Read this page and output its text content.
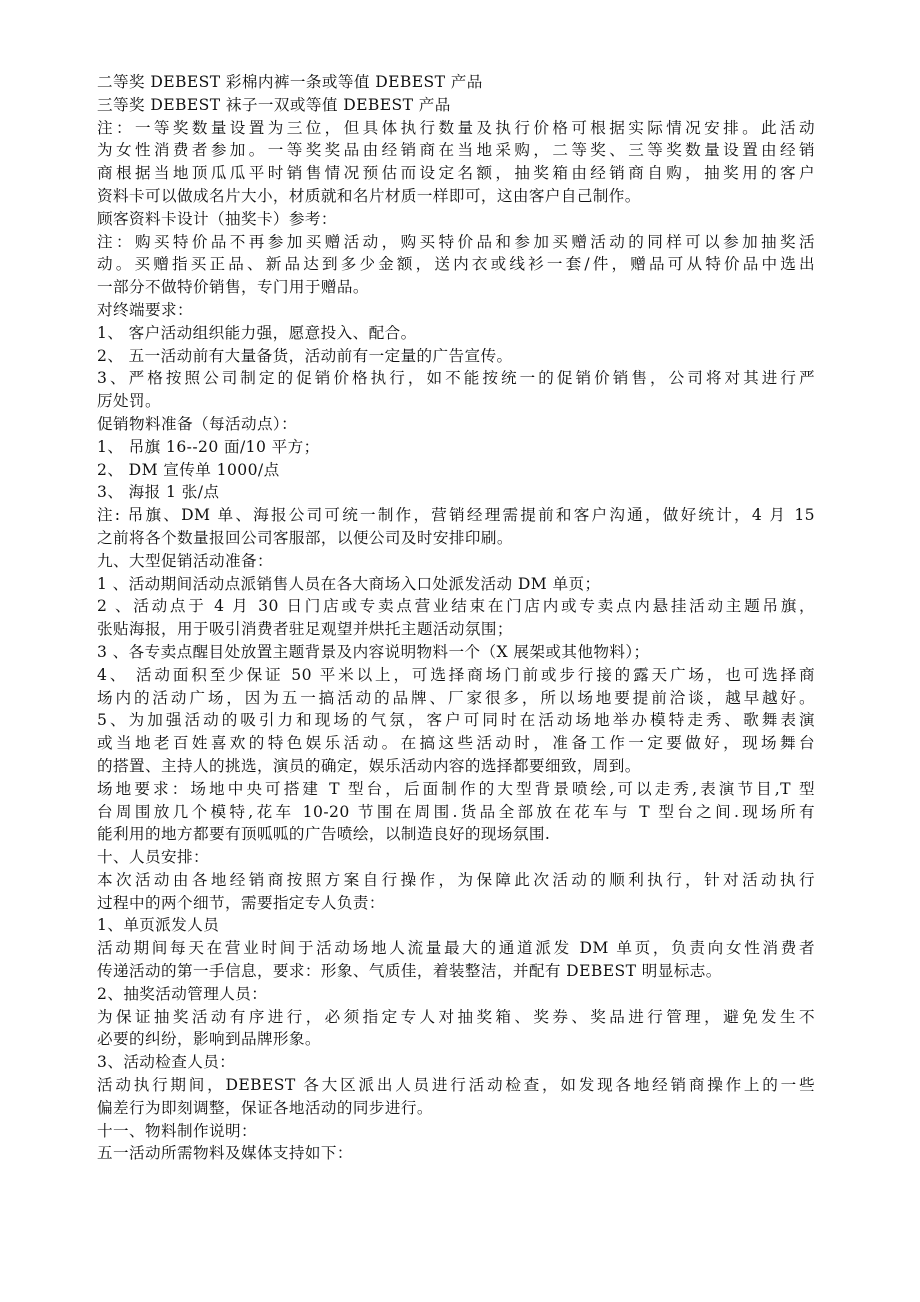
二等奖 DEBEST 彩棉内裤一条或等值 DEBEST 产品
三等奖 DEBEST 袜子一双或等值 DEBEST 产品
注：一等奖数量设置为三位，但具体执行数量及执行价格可根据实际情况安排。此活动
为女性消费者参加。一等奖奖品由经销商在当地采购，二等奖、三等奖数量设置由经销
商根据当地顶瓜瓜平时销售情况预估而设定名额，抽奖箱由经销商自购，抽奖用的客户
资料卡可以做成名片大小，材质就和名片材质一样即可，这由客户自己制作。
顾客资料卡设计（抽奖卡）参考：
注：购买特价品不再参加买赠活动，购买特价品和参加买赠活动的同样可以参加抽奖活
动。买赠指买正品、新品达到多少金额，送内衣或线衫一套/件，赠品可从特价品中选出
一部分不做特价销售，专门用于赠品。
对终端要求：
1、 客户活动组织能力强，愿意投入、配合。
2、 五一活动前有大量备货，活动前有一定量的广告宣传。
3、严格按照公司制定的促销价格执行，如不能按统一的促销价销售，公司将对其进行严
厉处罚。
促销物料准备（每活动点）：
1、 吊旗 16--20 面/10 平方；
2、 DM 宣传单 1000/点
3、 海报 1 张/点
注: 吊旗、DM 单、海报公司可统一制作，营销经理需提前和客户沟通，做好统计，4 月 15
之前将各个数量报回公司客服部，以便公司及时安排印刷。
九、大型促销活动准备：
1 、活动期间活动点派销售人员在各大商场入口处派发活动 DM 单页；
2 、活动点于 4 月 30 日门店或专卖点营业结束在门店内或专卖点内悬挂活动主题吊旗，
张贴海报，用于吸引消费者驻足观望并烘托主题活动氛围；
3 、各专卖点醒目处放置主题背景及内容说明物料一个（X 展架或其他物料）；
4、 活动面积至少保证 50 平米以上，可选择商场门前或步行接的露天广场，也可选择商
场内的活动广场，因为五一搞活动的品牌、厂家很多，所以场地要提前洽谈，越早越好。
5、为加强活动的吸引力和现场的气氛，客户可同时在活动场地举办模特走秀、歌舞表演
或当地老百姓喜欢的特色娱乐活动。在搞这些活动时，准备工作一定要做好，现场舞台
的搭置、主持人的挑选，演员的确定，娱乐活动内容的选择都要细致，周到。
场地要求：场地中央可搭建 T 型台，后面制作的大型背景喷绘,可以走秀,表演节目,T 型
台周围放几个模特,花车 10-20 节围在周围.货品全部放在花车与 T 型台之间.现场所有
能利用的地方都要有顶呱呱的广告喷绘，以制造良好的现场氛围.
十、人员安排：
本次活动由各地经销商按照方案自行操作，为保障此次活动的顺利执行，针对活动执行
过程中的两个细节，需要指定专人负责：
1、单页派发人员
活动期间每天在营业时间于活动场地人流量最大的通道派发 DM 单页，负责向女性消费者
传递活动的第一手信息，要求：形象、气质佳，着装整洁，并配有 DEBEST 明显标志。
2、抽奖活动管理人员：
为保证抽奖活动有序进行，必须指定专人对抽奖箱、奖券、奖品进行管理，避免发生不
必要的纠纷，影响到品牌形象。
3、活动检查人员：
活动执行期间，DEBEST 各大区派出人员进行活动检查，如发现各地经销商操作上的一些
偏差行为即刻调整，保证各地活动的同步进行。
十一、物料制作说明：
五一活动所需物料及媒体支持如下：
